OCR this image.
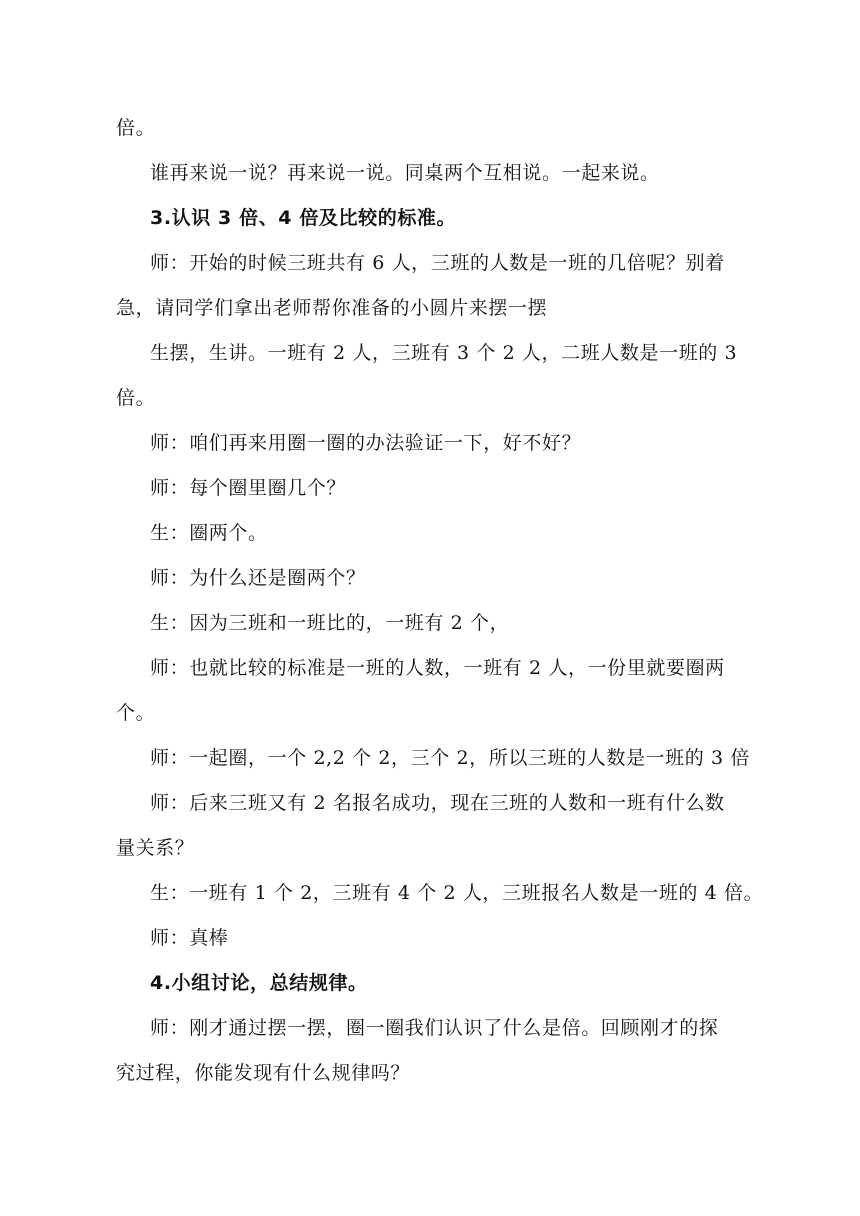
倍。
谁再来说一说？再来说一说。同桌两个互相说。一起来说。
3.认识 3 倍、4 倍及比较的标准。
师：开始的时候三班共有 6 人，三班的人数是一班的几倍呢？别着
急，请同学们拿出老师帮你准备的小圆片来摆一摆
生摆，生讲。一班有 2 人，三班有 3 个 2 人，二班人数是一班的 3
倍。
师：咱们再来用圈一圈的办法验证一下，好不好？
师：每个圈里圈几个？
生：圈两个。
师：为什么还是圈两个？
生：因为三班和一班比的，一班有 2 个，
师：也就比较的标准是一班的人数，一班有 2 人，一份里就要圈两
个。
师：一起圈，一个 2,2 个 2，三个 2，所以三班的人数是一班的 3 倍
师：后来三班又有 2 名报名成功，现在三班的人数和一班有什么数
量关系？
生：一班有 1 个 2，三班有 4 个 2 人，三班报名人数是一班的 4 倍。
师：真棒
4.小组讨论，总结规律。
师：刚才通过摆一摆，圈一圈我们认识了什么是倍。回顾刚才的探
究过程，你能发现有什么规律吗？
